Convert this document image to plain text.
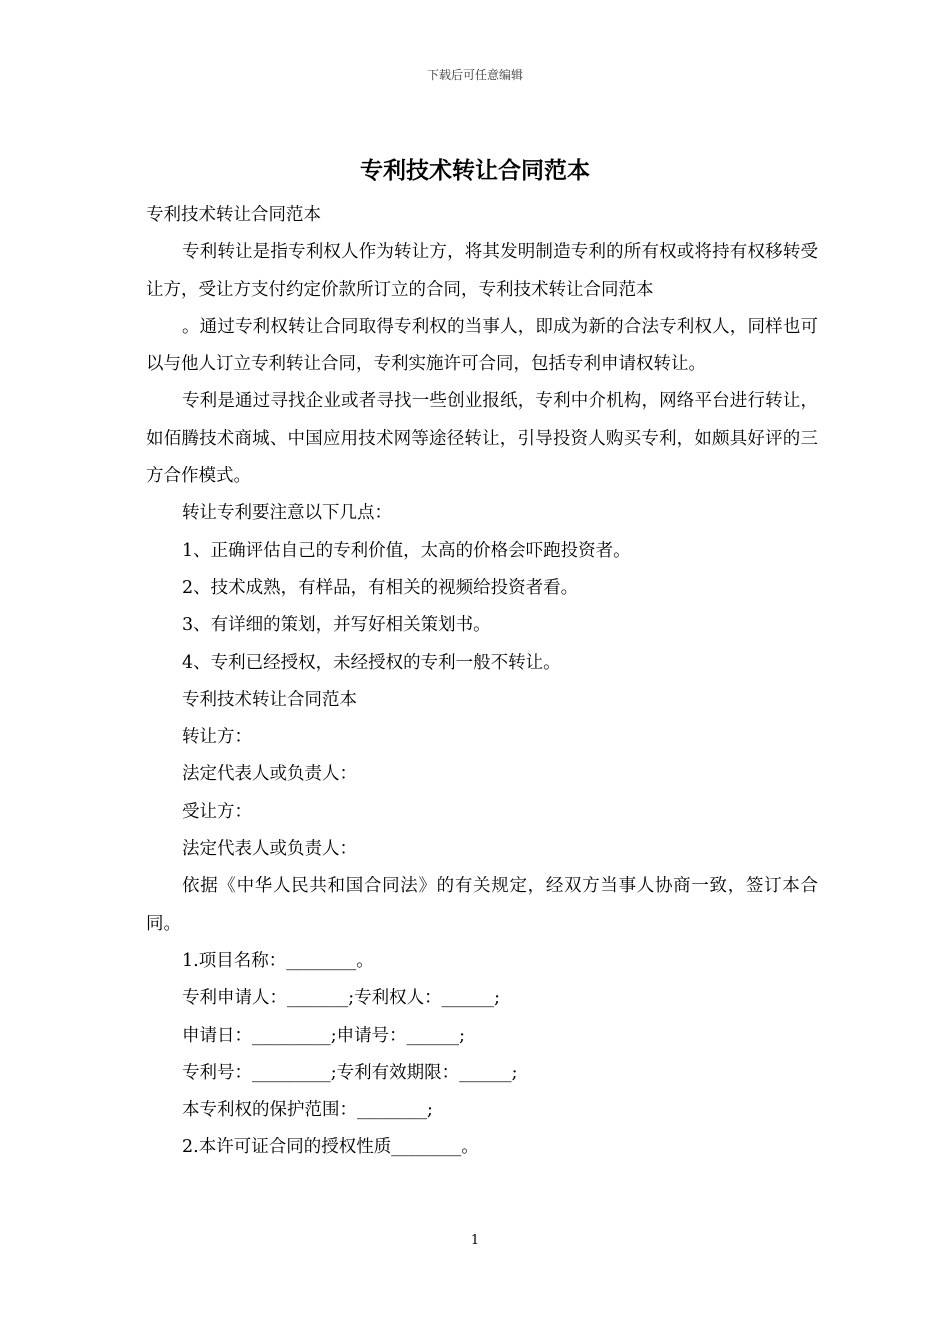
下载后可任意编辑
专利技术转让合同范本

专利技术转让合同范本

专利转让是指专利权人作为转让方，将其发明制造专利的所有权或将持有权移转受让方，受让方支付约定价款所订立的合同，专利技术转让合同范本

。通过专利权转让合同取得专利权的当事人，即成为新的合法专利权人，同样也可以与他人订立专利转让合同，专利实施许可合同，包括专利申请权转让。

专利是通过寻找企业或者寻找一些创业报纸，专利中介机构，网络平台进行转让，如佰腾技术商城、中国应用技术网等途径转让，引导投资人购买专利，如颇具好评的三方合作模式。

转让专利要注意以下几点：

1、正确评估自己的专利价值，太高的价格会吓跑投资者。

2、技术成熟，有样品，有相关的视频给投资者看。

3、有详细的策划，并写好相关策划书。

4、专利已经授权，未经授权的专利一般不转让。

专利技术转让合同范本

转让方：

法定代表人或负责人：

受让方：

法定代表人或负责人：

依据《中华人民共和国合同法》的有关规定，经双方当事人协商一致，签订本合同。

1.项目名称：________。

专利申请人：_______;专利权人：______;

申请日：_________;申请号：______;

专利号：_________;专利有效期限：______;

本专利权的保护范围：________;

2.本许可证合同的授权性质________。

1
